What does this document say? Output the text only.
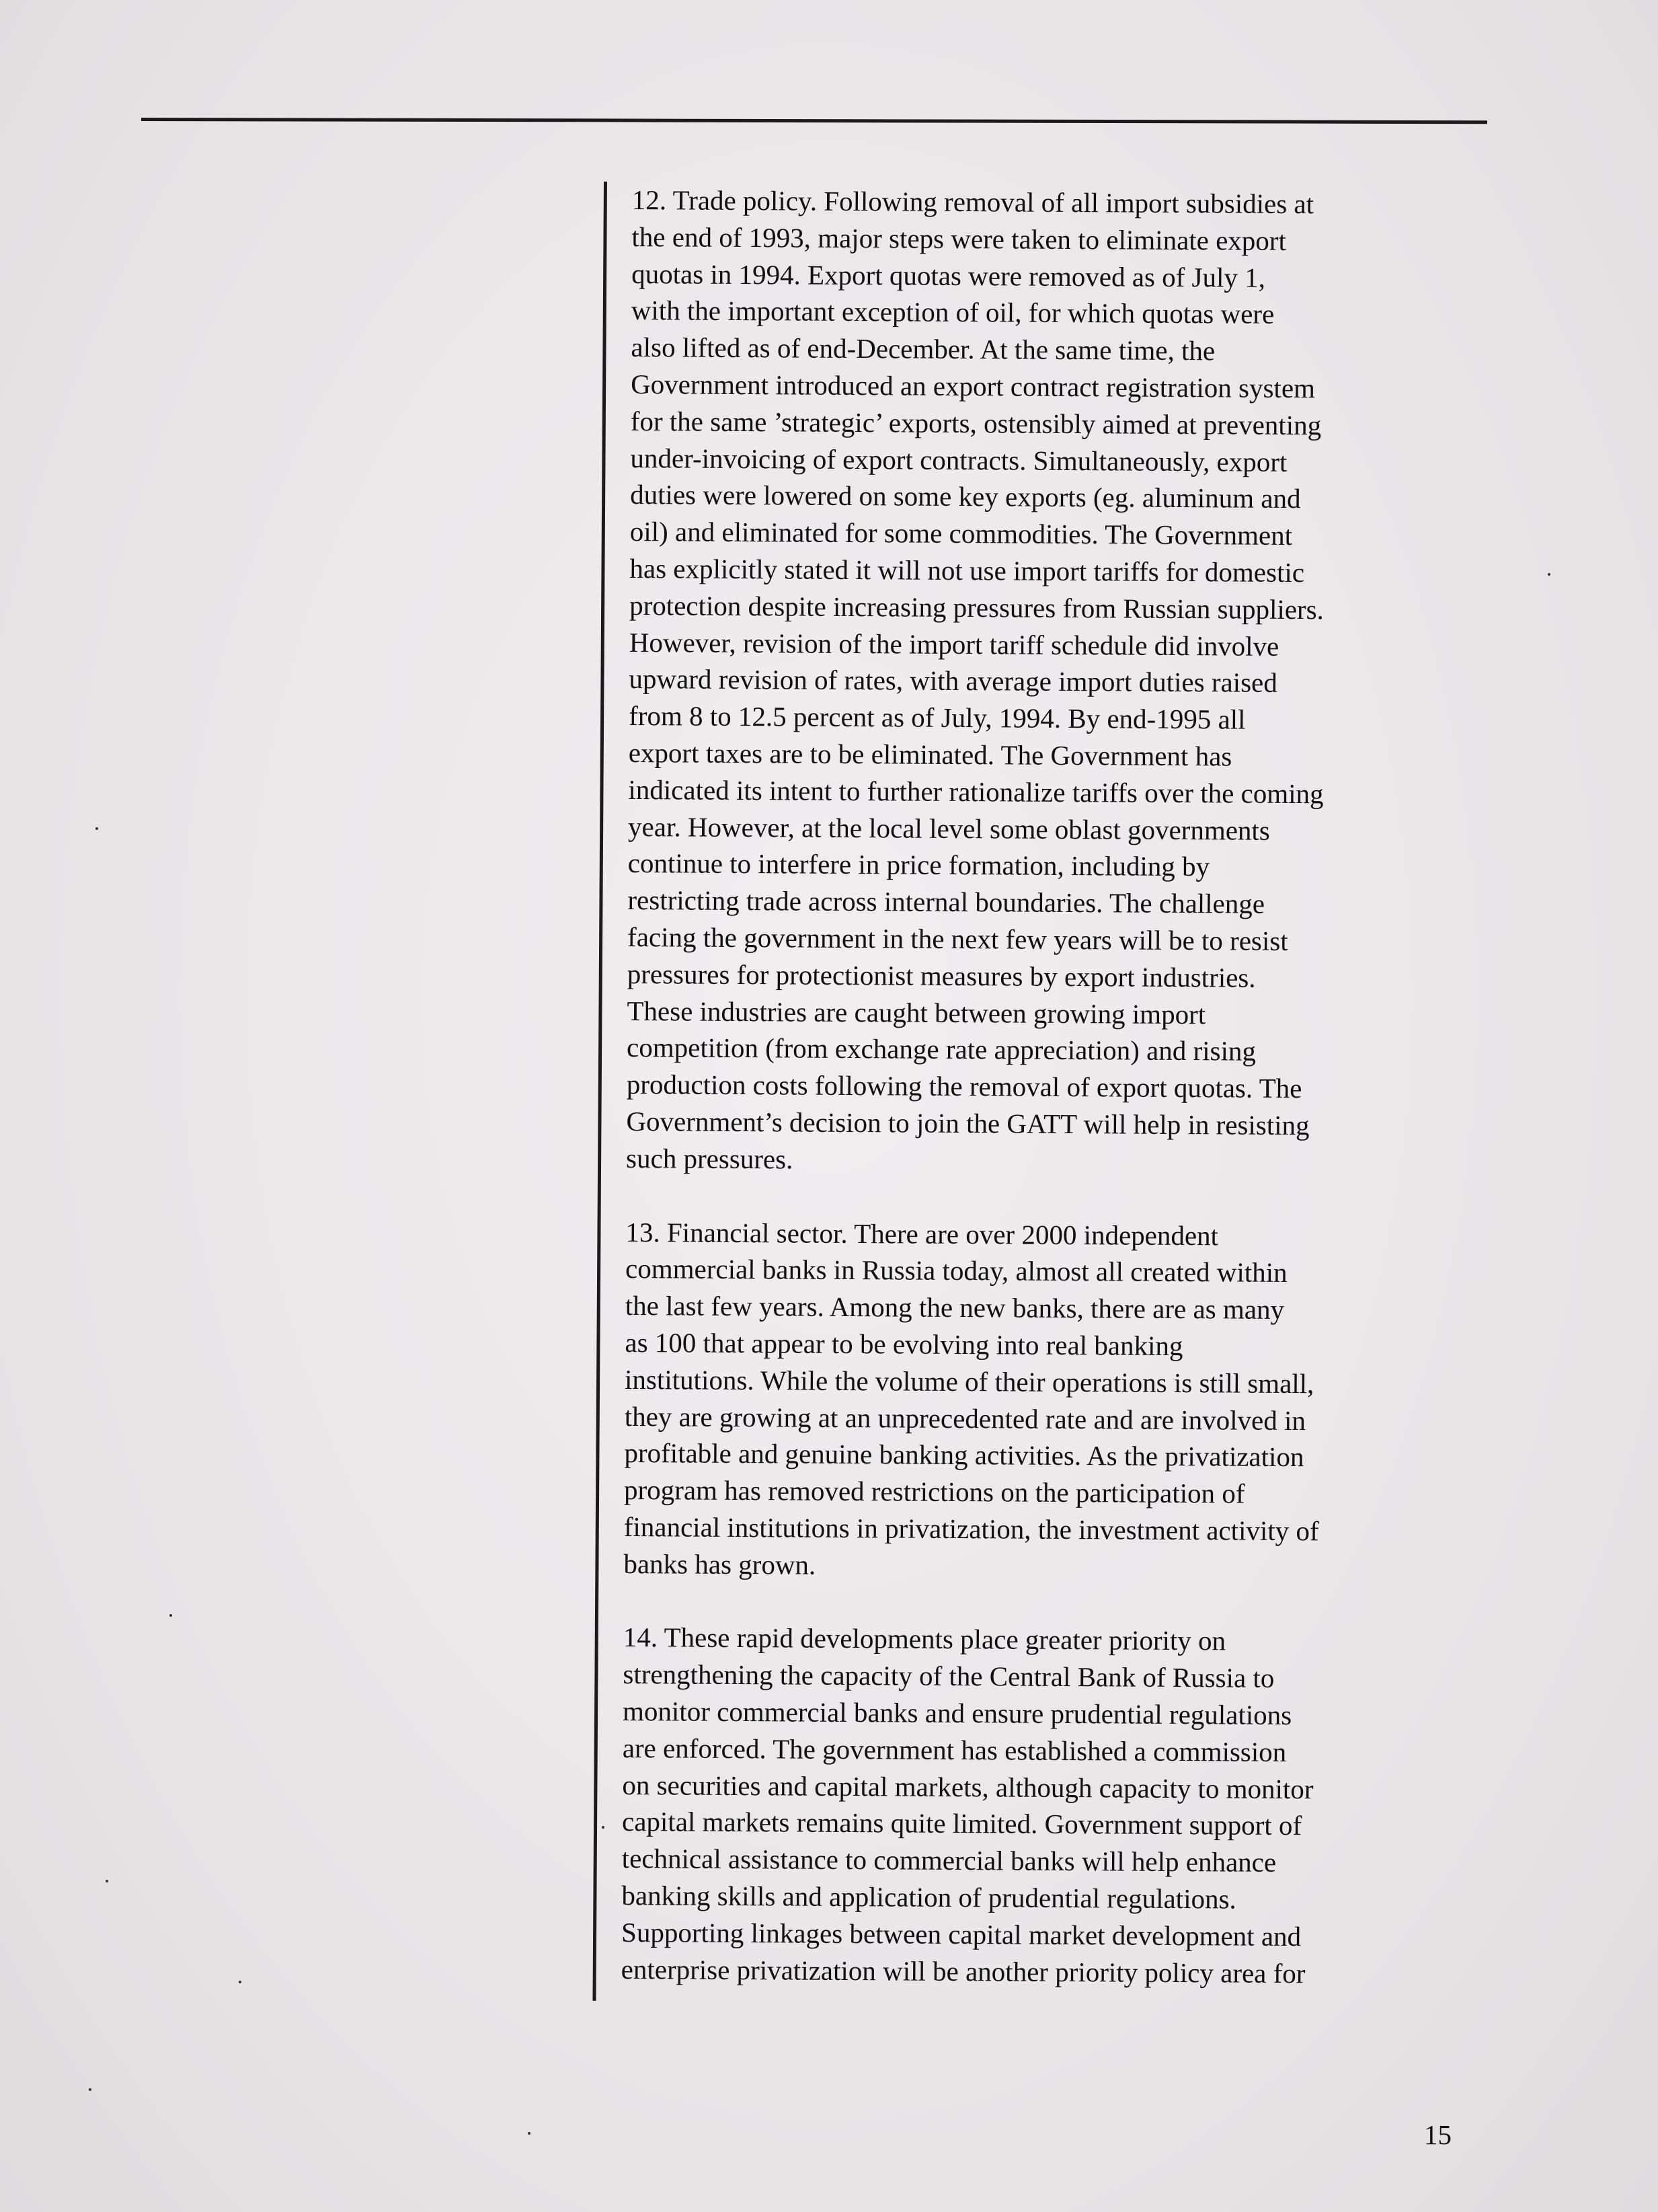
12. Trade policy. Following removal of all import subsidies at
the end of 1993, major steps were taken to eliminate export
quotas in 1994. Export quotas were removed as of July 1,
with the important exception of oil, for which quotas were
also lifted as of end-December. At the same time, the
Government introduced an export contract registration system
for the same ’strategic’ exports, ostensibly aimed at preventing
under-invoicing of export contracts. Simultaneously, export
duties were lowered on some key exports (eg. aluminum and
oil) and eliminated for some commodities. The Government
has explicitly stated it will not use import tariffs for domestic
protection despite increasing pressures from Russian suppliers.
However, revision of the import tariff schedule did involve
upward revision of rates, with average import duties raised
from 8 to 12.5 percent as of July, 1994. By end-1995 all
export taxes are to be eliminated. The Government has
indicated its intent to further rationalize tariffs over the coming
year. However, at the local level some oblast governments
continue to interfere in price formation, including by
restricting trade across internal boundaries. The challenge
facing the government in the next few years will be to resist
pressures for protectionist measures by export industries.
These industries are caught between growing import
competition (from exchange rate appreciation) and rising
production costs following the removal of export quotas. The
Government’s decision to join the GATT will help in resisting
such pressures.

13. Financial sector. There are over 2000 independent
commercial banks in Russia today, almost all created within
the last few years. Among the new banks, there are as many
as 100 that appear to be evolving into real banking
institutions. While the volume of their operations is still small,
they are growing at an unprecedented rate and are involved in
profitable and genuine banking activities. As the privatization
program has removed restrictions on the participation of
financial institutions in privatization, the investment activity of
banks has grown.

14. These rapid developments place greater priority on
strengthening the capacity of the Central Bank of Russia to
monitor commercial banks and ensure prudential regulations
are enforced. The government has established a commission
on securities and capital markets, although capacity to monitor
capital markets remains quite limited. Government support of
technical assistance to commercial banks will help enhance
banking skills and application of prudential regulations.
Supporting linkages between capital market development and
enterprise privatization will be another priority policy area for

15
